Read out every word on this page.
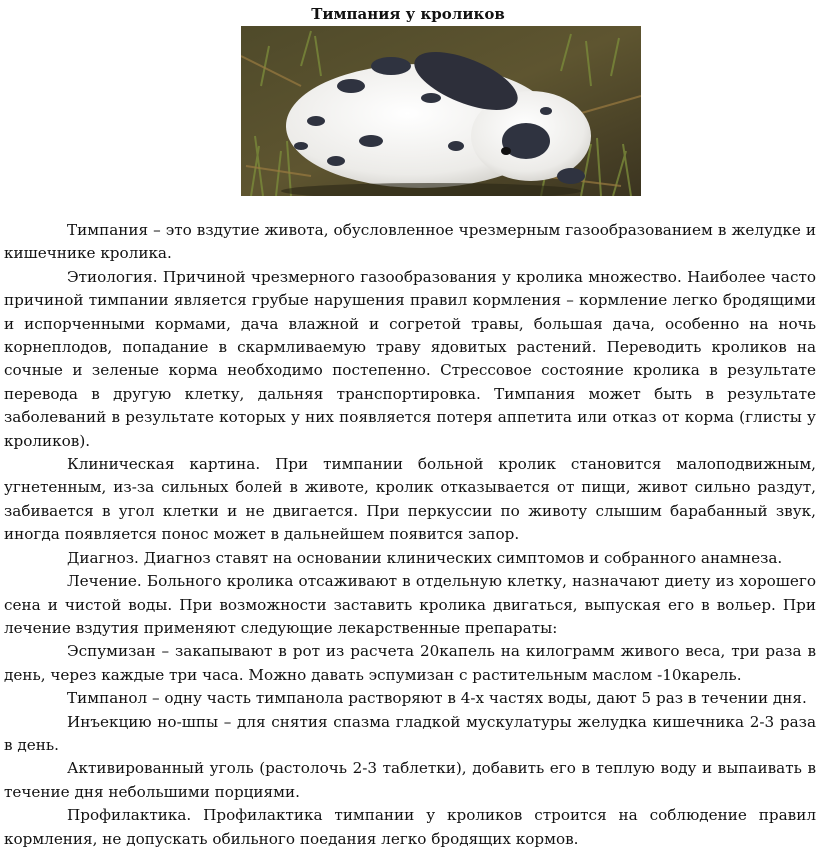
Тимпания у кроликов

Тимпания – это вздутие живота, обусловленное чрезмерным газообразованием в желудке и кишечнике кролика.

Этиология. Причиной чрезмерного газообразования у кролика множество. Наиболее часто причиной тимпании является грубые нарушения правил кормления – кормление легко бродящими и испорченными кормами, дача влажной и согретой травы, большая дача, особенно на ночь корнеплодов, попадание в скармливаемую траву ядовитых растений. Переводить кроликов на сочные и зеленые корма необходимо постепенно. Стрессовое состояние кролика в результате перевода в другую клетку, дальняя транспортировка. Тимпания может быть в результате заболеваний в результате которых у них появляется потеря аппетита или отказ от корма (глисты у кроликов).

Клиническая картина. При тимпании больной кролик становится малоподвижным, угнетенным, из-за сильных болей в животе, кролик отказывается от пищи, живот сильно раздут, забивается в угол клетки и не двигается. При перкуссии по животу слышим барабанный звук, иногда появляется понос может в дальнейшем появится запор.

Диагноз. Диагноз ставят на основании клинических симптомов и собранного анамнеза.

Лечение. Больного кролика отсаживают в отдельную клетку, назначают диету из хорошего сена и чистой воды. При возможности заставить кролика двигаться, выпуская его в вольер. При лечение вздутия применяют следующие лекарственные препараты:

Эспумизан – закапывают в рот из расчета 20капель на килограмм живого веса, три раза в день, через каждые три часа. Можно давать эспумизан с растительным маслом -10карель.

Тимпанол – одну часть тимпанола растворяют в 4-х частях воды, дают 5 раз в течении дня.

Инъекцию но-шпы – для снятия спазма гладкой мускулатуры желудка кишечника 2-3 раза в день.

Активированный уголь (растолочь 2-3 таблетки), добавить его в теплую воду и выпаивать в течение дня небольшими порциями.

Профилактика. Профилактика тимпании у кроликов строится на соблюдение правил кормления, не допускать обильного поедания легко бродящих кормов.
